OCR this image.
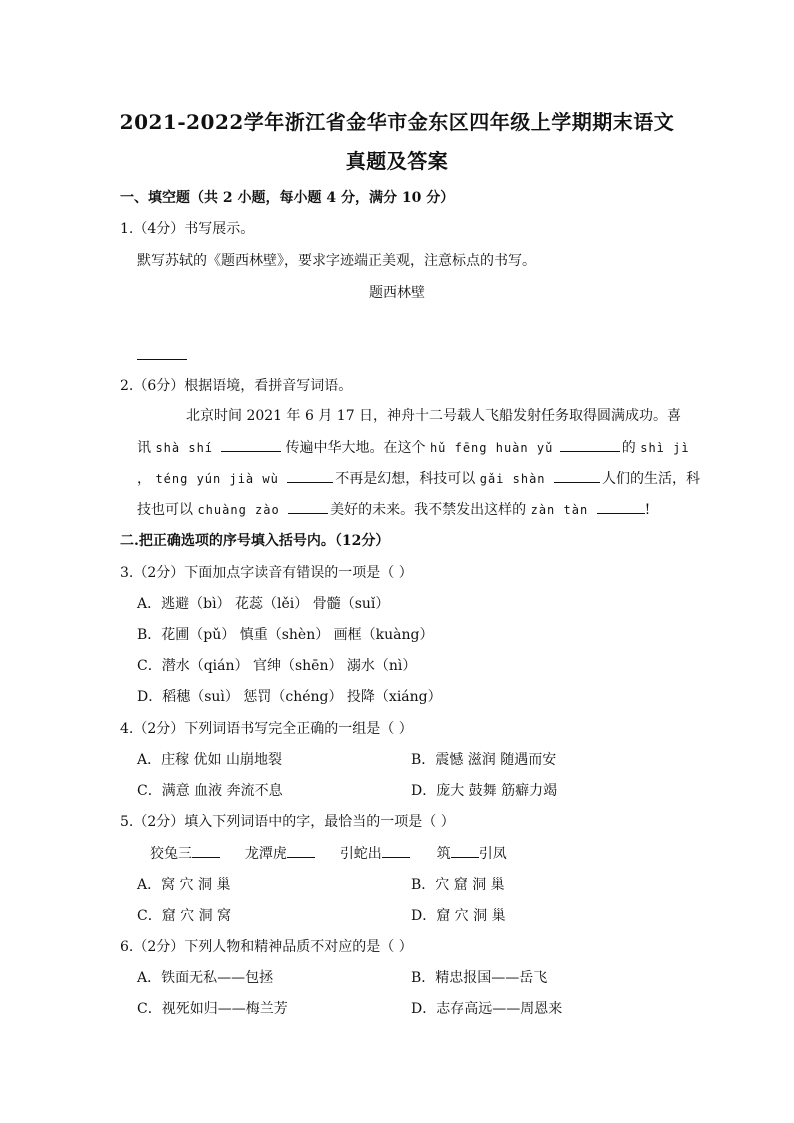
2021-2022学年浙江省金华市金东区四年级上学期期末语文
真题及答案
一、填空题（共 2 小题，每小题 4 分，满分 10 分）
1.（4分）书写展示。
默写苏轼的《题西林壁》，要求字迹端正美观，注意标点的书写。
题西林壁
2.（6分）根据语境，看拼音写词语。
北京时间 2021 年 6 月 17 日，神舟十二号载人飞船发射任务取得圆满成功。喜
讯 shà shí	传遍中华大地。在这个 hǔ fēng huàn yǔ	的 shì jì
， téng yún jià wù	不再是幻想，科技可以 gǎi shàn	人们的生活，科
技也可以 chuàng zào	美好的未来。我不禁发出这样的 zàn tàn	!
二.把正确选项的序号填入括号内。（12分）
3.（2分）下面加点字读音有错误的一项是（ ）
A．逃避（bì） 花蕊（lěi） 骨髓（suǐ）
B．花圃（pǔ） 慎重（shèn） 画框（kuàng）
C．潜水（qián） 官绅（shēn） 溺水（nì）
D．稻穗（suì） 惩罚（chéng） 投降（xiáng）
4.（2分）下列词语书写完全正确的一组是（ ）
A．庄稼 优如 山崩地裂	B．震憾 滋润 随遇而安
C．满意 血液 奔流不息	D．庞大 鼓舞 筋癖力竭
5.（2分）填入下列词语中的字，最恰当的一项是（ ）
狡兔三	龙潭虎	引蛇出	筑 引凤
A．窝 穴 洞 巢	B．穴 窟 洞 巢
C．窟 穴 洞 窝	D．窟 穴 洞 巢
6.（2分）下列人物和精神品质不对应的是（ ）
A．铁面无私——包拯	B．精忠报国——岳飞
C．视死如归——梅兰芳	D．志存高远——周恩来
